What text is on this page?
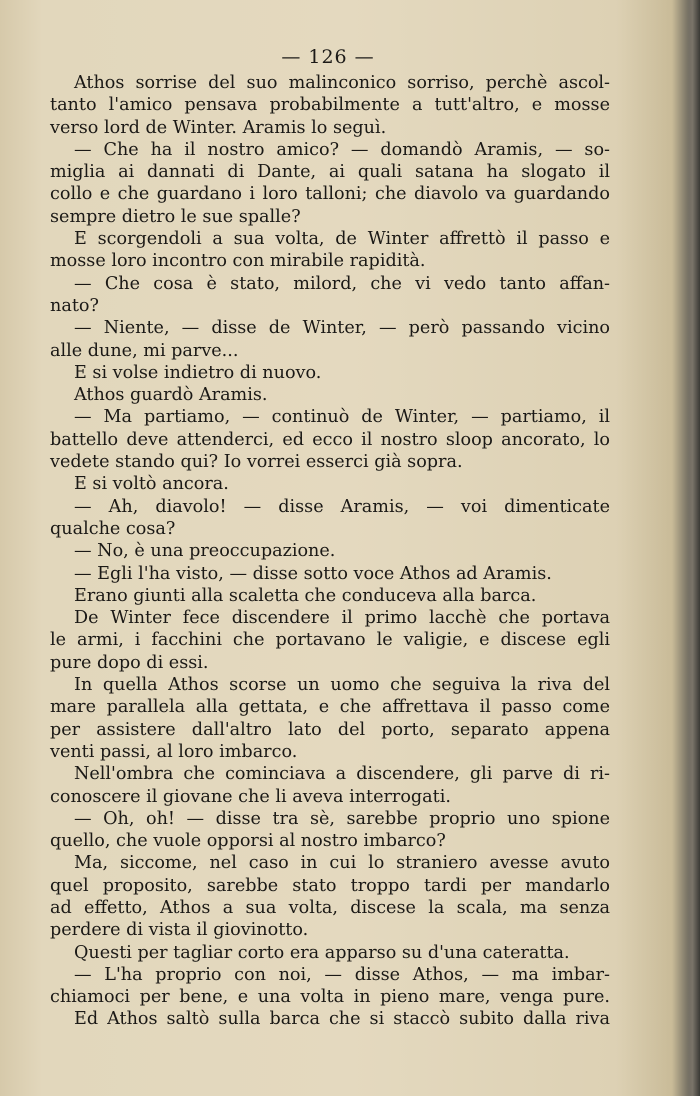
— 126 —
Athos sorrise del suo malinconico sorriso, perchè ascol-
tanto l'amico pensava probabilmente a tutt'altro, e mosse
verso lord de Winter. Aramis lo seguì.
— Che ha il nostro amico? — domandò Aramis, — so-
miglia ai dannati di Dante, ai quali satana ha slogato il
collo e che guardano i loro talloni; che diavolo va guardando
sempre dietro le sue spalle?
E scorgendoli a sua volta, de Winter affrettò il passo e
mosse loro incontro con mirabile rapidità.
— Che cosa è stato, milord, che vi vedo tanto affan-
nato?
— Niente, — disse de Winter, — però passando vicino
alle dune, mi parve...
E si volse indietro di nuovo.
Athos guardò Aramis.
— Ma partiamo, — continuò de Winter, — partiamo, il
battello deve attenderci, ed ecco il nostro sloop ancorato, lo
vedete stando qui? Io vorrei esserci già sopra.
E si voltò ancora.
— Ah, diavolo! — disse Aramis, — voi dimenticate
qualche cosa?
— No, è una preoccupazione.
— Egli l'ha visto, — disse sotto voce Athos ad Aramis.
Erano giunti alla scaletta che conduceva alla barca.
De Winter fece discendere il primo lacchè che portava
le armi, i facchini che portavano le valigie, e discese egli
pure dopo di essi.
In quella Athos scorse un uomo che seguiva la riva del
mare parallela alla gettata, e che affrettava il passo come
per assistere dall'altro lato del porto, separato appena
venti passi, al loro imbarco.
Nell'ombra che cominciava a discendere, gli parve di ri-
conoscere il giovane che li aveva interrogati.
— Oh, oh! — disse tra sè, sarebbe proprio uno spione
quello, che vuole opporsi al nostro imbarco?
Ma, siccome, nel caso in cui lo straniero avesse avuto
quel proposito, sarebbe stato troppo tardi per mandarlo
ad effetto, Athos a sua volta, discese la scala, ma senza
perdere di vista il giovinotto.
Questi per tagliar corto era apparso su d'una cateratta.
— L'ha proprio con noi, — disse Athos, — ma imbar-
chiamoci per bene, e una volta in pieno mare, venga pure.
Ed Athos saltò sulla barca che si staccò subito dalla riva
